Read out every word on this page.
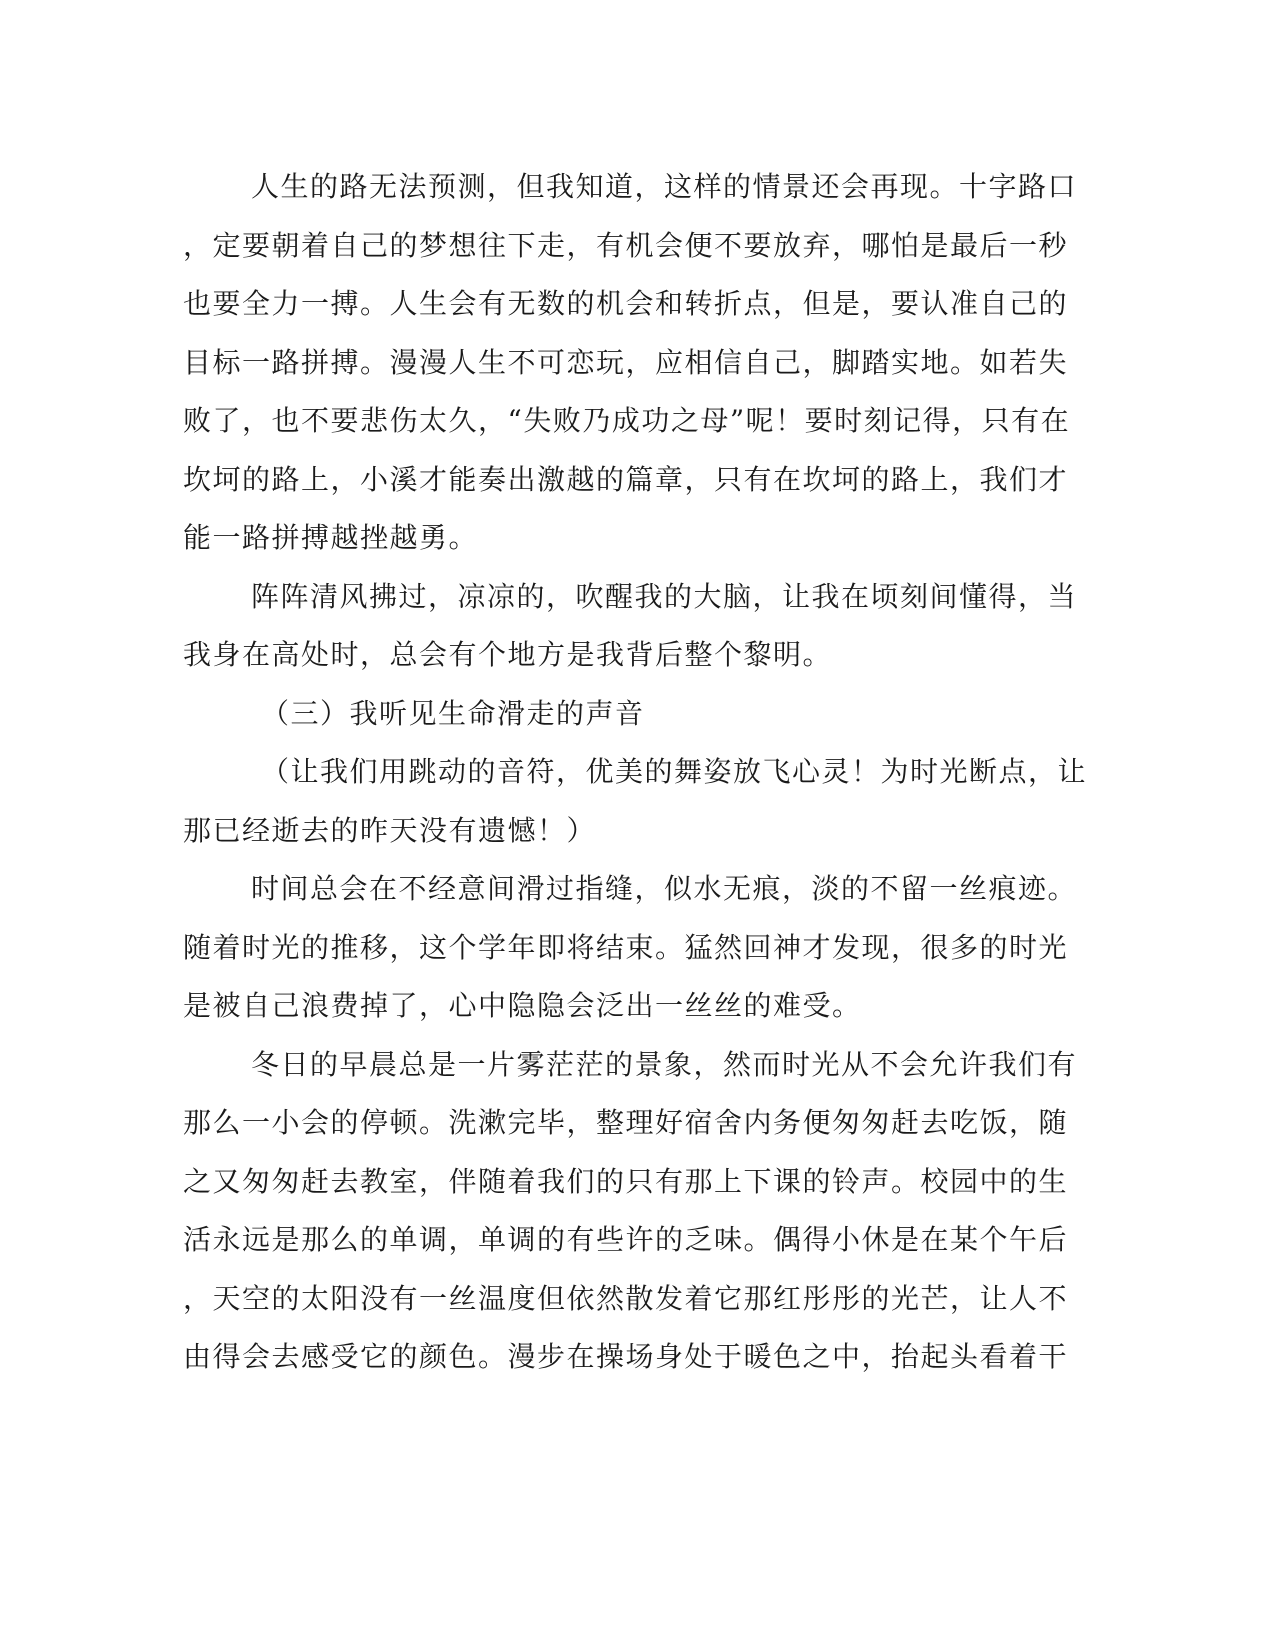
人生的路无法预测，但我知道，这样的情景还会再现。十字路口
，定要朝着自己的梦想往下走，有机会便不要放弃，哪怕是最后一秒
也要全力一搏。人生会有无数的机会和转折点，但是，要认准自己的
目标一路拼搏。漫漫人生不可恋玩，应相信自己，脚踏实地。如若失
败了，也不要悲伤太久，“失败乃成功之母”呢！要时刻记得，只有在
坎坷的路上，小溪才能奏出激越的篇章，只有在坎坷的路上，我们才
能一路拼搏越挫越勇。
阵阵清风拂过，凉凉的，吹醒我的大脑，让我在顷刻间懂得，当
我身在高处时，总会有个地方是我背后整个黎明。
（三）我听见生命滑走的声音
（让我们用跳动的音符，优美的舞姿放飞心灵！为时光断点，让
那已经逝去的昨天没有遗憾！）
时间总会在不经意间滑过指缝，似水无痕，淡的不留一丝痕迹。
随着时光的推移，这个学年即将结束。猛然回神才发现，很多的时光
是被自己浪费掉了，心中隐隐会泛出一丝丝的难受。
冬日的早晨总是一片雾茫茫的景象，然而时光从不会允许我们有
那么一小会的停顿。洗漱完毕，整理好宿舍内务便匆匆赶去吃饭，随
之又匆匆赶去教室，伴随着我们的只有那上下课的铃声。校园中的生
活永远是那么的单调，单调的有些许的乏味。偶得小休是在某个午后
，天空的太阳没有一丝温度但依然散发着它那红彤彤的光芒，让人不
由得会去感受它的颜色。漫步在操场身处于暖色之中，抬起头看着干
